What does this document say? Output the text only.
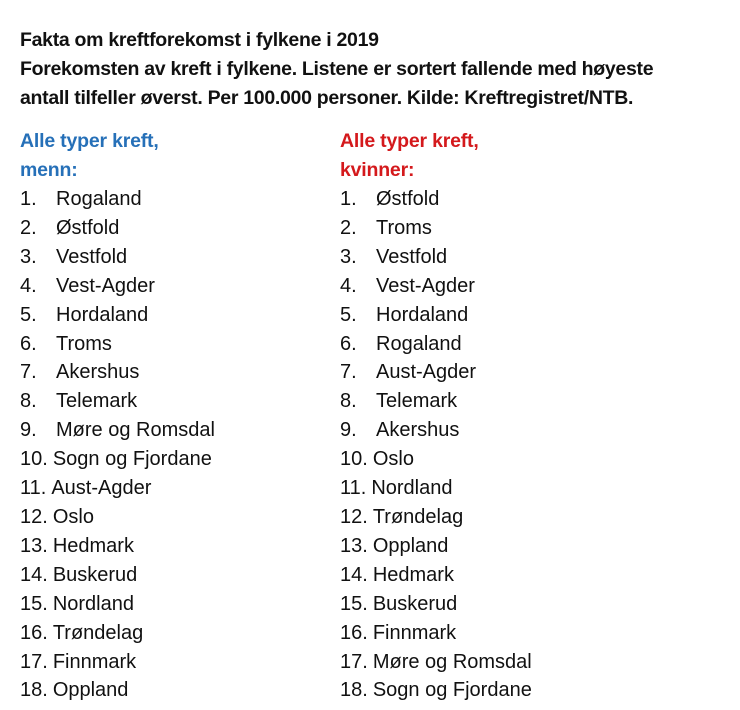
Fakta om kreftforekomst i fylkene i 2019
Forekomsten av kreft i fylkene. Listene er sortert fallende med høyeste
antall tilfeller øverst. Per 100.000 personer. Kilde: Kreftregistret/NTB.
Alle typer kreft,
menn:
1. Rogaland
2. Østfold
3. Vestfold
4. Vest-Agder
5. Hordaland
6. Troms
7. Akershus
8. Telemark
9. Møre og Romsdal
10. Sogn og Fjordane
11. Aust-Agder
12. Oslo
13. Hedmark
14. Buskerud
15. Nordland
16. Trøndelag
17. Finnmark
18. Oppland
Alle typer kreft,
kvinner:
1. Østfold
2. Troms
3. Vestfold
4. Vest-Agder
5. Hordaland
6. Rogaland
7. Aust-Agder
8. Telemark
9. Akershus
10. Oslo
11. Nordland
12. Trøndelag
13. Oppland
14. Hedmark
15. Buskerud
16. Finnmark
17. Møre og Romsdal
18. Sogn og Fjordane
